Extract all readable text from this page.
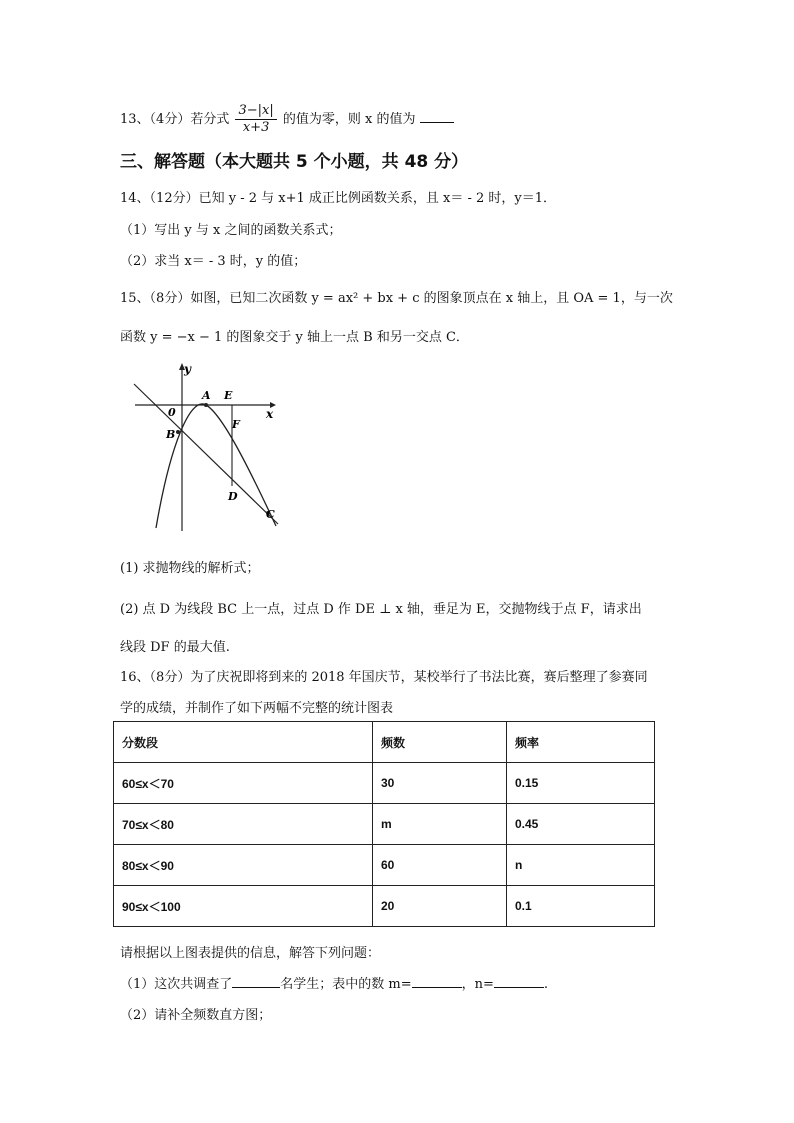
13、（4分）若分式 $\frac{3-|x|}{x+3}$ 的值为零，则 x 的值为
三、解答题（本大题共 5 个小题，共 48 分）
14、（12分）已知 y - 2 与 x+1 成正比例函数关系，且 x＝ - 2 时，y＝1．
（1）写出 y 与 x 之间的函数关系式；
（2）求当 x＝ - 3 时，y 的值；
15、（8分）如图，已知二次函数 y = ax² + bx + c 的图象顶点在 x 轴上，且 OA = 1，与一次
函数 y = −x − 1 的图象交于 y 轴上一点 B 和另一交点 C．
y
x
0
A E
B
F
D
C
(1) 求抛物线的解析式；
(2) 点 D 为线段 BC 上一点，过点 D 作 DE ⊥ x 轴，垂足为 E，交抛物线于点 F，请求出
线段 DF 的最大值.
16、（8分）为了庆祝即将到来的 2018 年国庆节，某校举行了书法比赛，赛后整理了参赛同
学的成绩，并制作了如下两幅不完整的统计图表
分数段	频数	频率
60≤x＜70	30	0.15
70≤x＜80	m	0.45
80≤x＜90	60	n
90≤x＜100	20	0.1
请根据以上图表提供的信息，解答下列问题：
（1）这次共调查了	名学生；表中的数 m=	，n=	.
（2）请补全频数直方图；
